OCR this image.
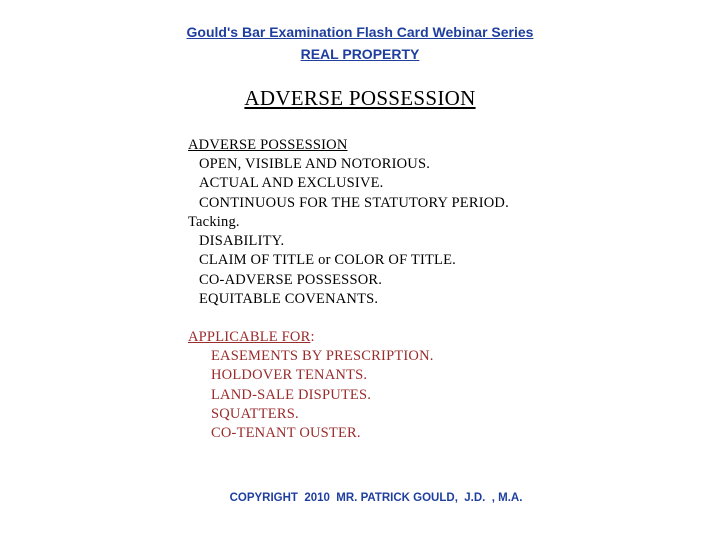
Gould's Bar Examination Flash Card Webinar Series
REAL PROPERTY
ADVERSE POSSESSION
ADVERSE POSSESSION
OPEN, VISIBLE AND NOTORIOUS.
ACTUAL AND EXCLUSIVE.
CONTINUOUS FOR THE STATUTORY PERIOD.
Tacking.
DISABILITY.
CLAIM OF TITLE or COLOR OF TITLE.
CO-ADVERSE POSSESSOR.
EQUITABLE COVENANTS.
APPLICABLE FOR:
EASEMENTS BY PRESCRIPTION.
HOLDOVER TENANTS.
LAND-SALE DISPUTES.
SQUATTERS.
CO-TENANT OUSTER.
COPYRIGHT  2010  MR. PATRICK GOULD,  J.D.  , M.A.
